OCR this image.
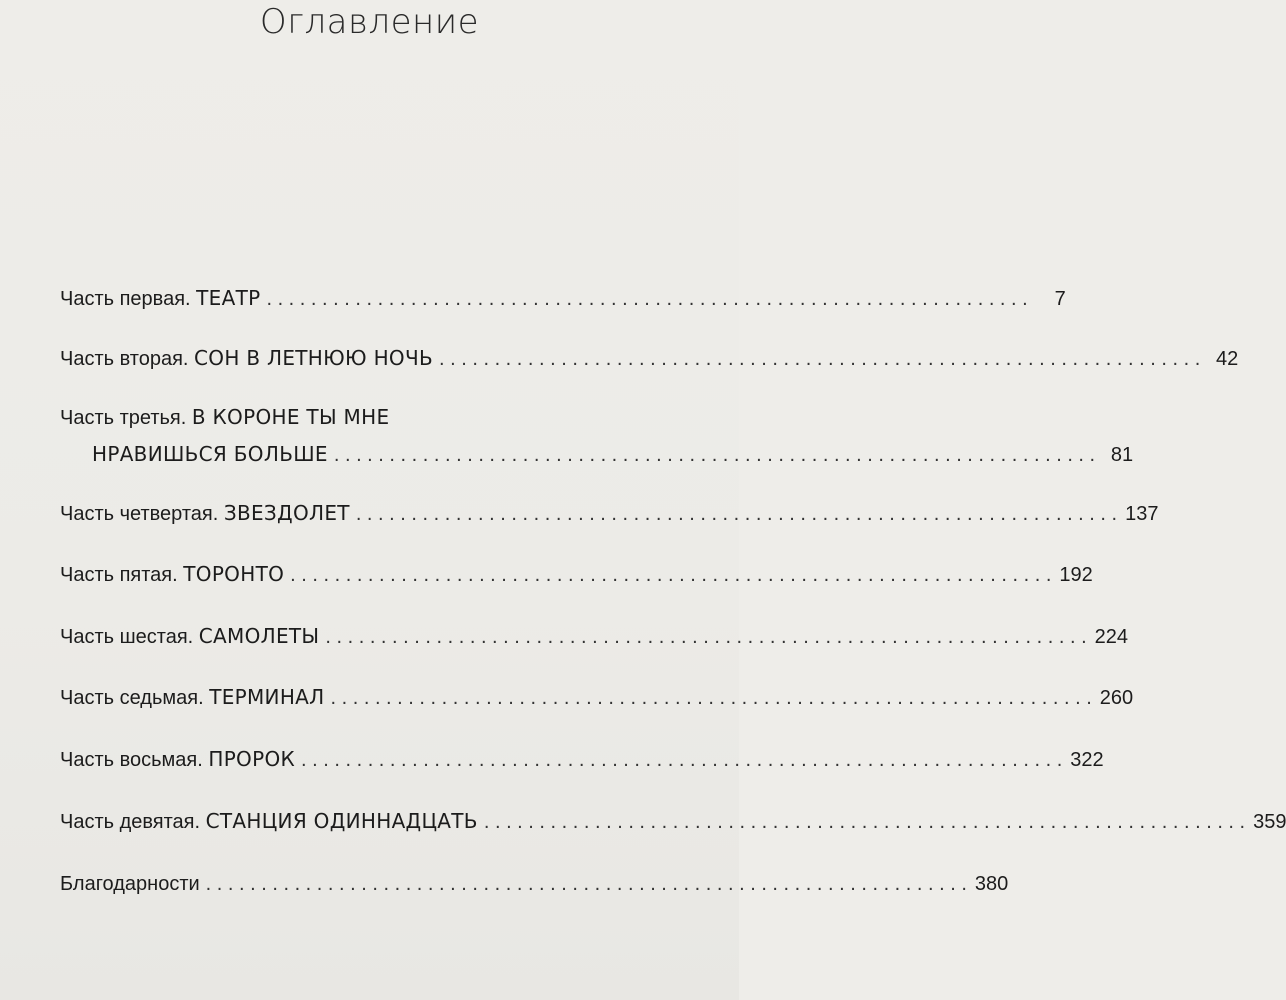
Оглавление
Часть первая. ТЕАТР . . .	7
Часть вторая. СОН В ЛЕТНЮЮ НОЧЬ . . .	42
Часть третья. В КОРОНЕ ТЫ МНЕ
НРАВИШЬСЯ БОЛЬШЕ . . .	81
Часть четвертая. ЗВЕЗДОЛЕТ . . .	137
Часть пятая. ТОРОНТО . . .	192
Часть шестая. САМОЛЕТЫ . . .	224
Часть седьмая. ТЕРМИНАЛ . . .	260
Часть восьмая. ПРОРОК . . .	322
Часть девятая. СТАНЦИЯ ОДИННАДЦАТЬ . . .	359
Благодарности . . .	380
